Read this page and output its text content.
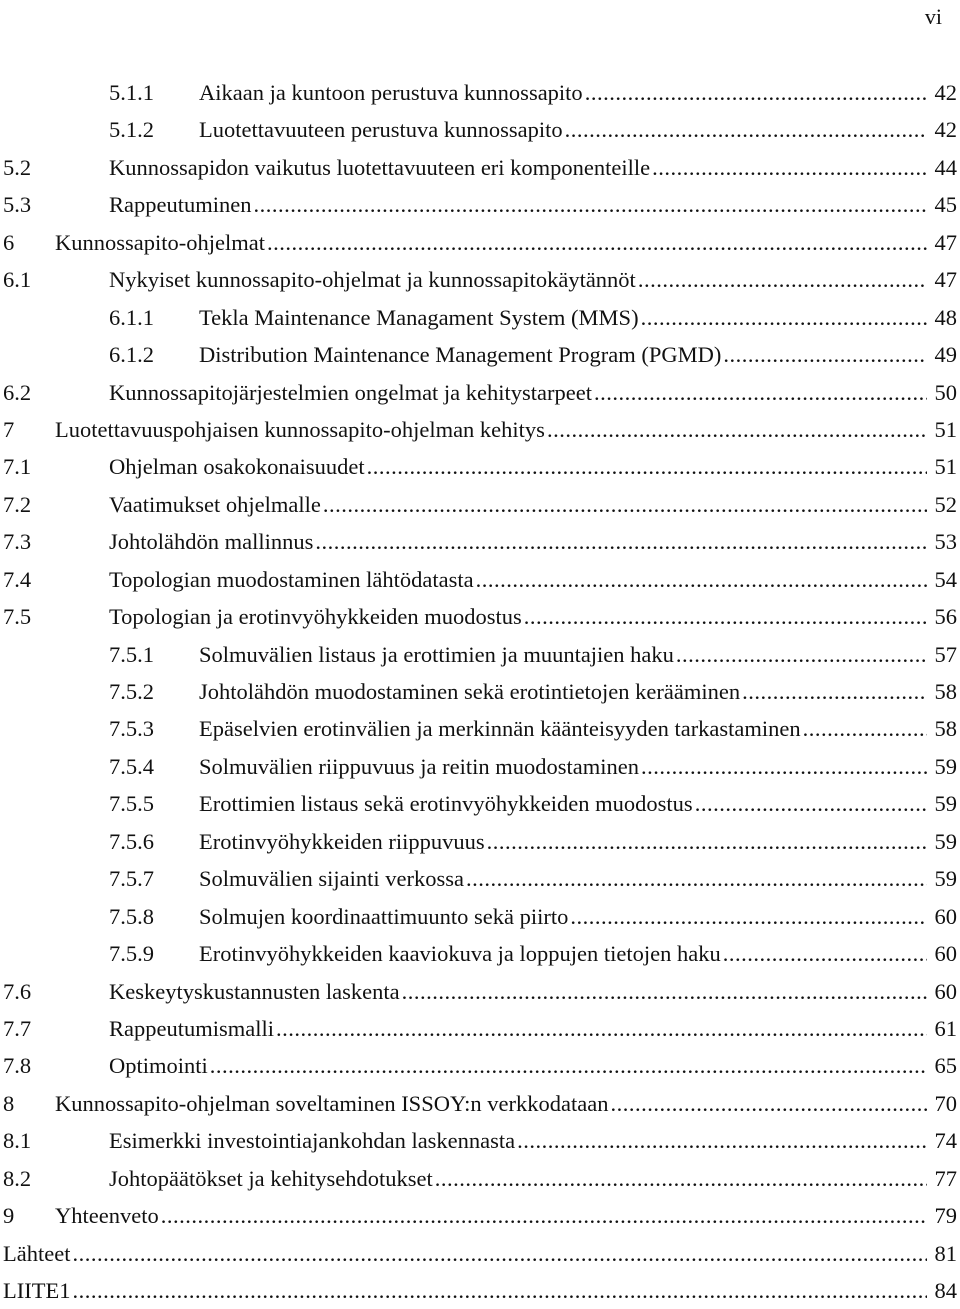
vi
5.1.1 Aikaan ja kuntoon perustuva kunnossapito .....	42
5.1.2 Luotettavuuteen perustuva kunnossapito .....	42
5.2	Kunnossapidon vaikutus luotettavuuteen eri komponenteille .....	44
5.3	Rappeutuminen .....	45
6 Kunnossapito-ohjelmat .....	47
6.1	Nykyiset kunnossapito-ohjelmat ja kunnossapitokäytännöt .....	47
6.1.1 Tekla Maintenance Managament System (MMS) .....	48
6.1.2 Distribution Maintenance Management Program (PGMD) .....	49
6.2	Kunnossapitojärjestelmien ongelmat ja kehitystarpeet .....	50
7 Luotettavuuspohjaisen kunnossapito-ohjelman kehitys .....	51
7.1	Ohjelman osakokonaisuudet .....	51
7.2	Vaatimukset ohjelmalle .....	52
7.3	Johtolähdön mallinnus .....	53
7.4	Topologian muodostaminen lähtödatasta .....	54
7.5	Topologian ja erotinvyöhykkeiden muodostus .....	56
7.5.1 Solmuvälien listaus ja erottimien ja muuntajien haku .....	57
7.5.2 Johtolähdön muodostaminen sekä erotintietojen kerääminen .....	58
7.5.3 Epäselvien erotinvälien ja merkinnän käänteisyyden tarkastaminen .....	58
7.5.4 Solmuvälien riippuvuus ja reitin muodostaminen .....	59
7.5.5 Erottimien listaus sekä erotinvyöhykkeiden muodostus .....	59
7.5.6 Erotinvyöhykkeiden riippuvuus .....	59
7.5.7 Solmuvälien sijainti verkossa .....	59
7.5.8 Solmujen koordinaattimuunto sekä piirto .....	60
7.5.9 Erotinvyöhykkeiden kaaviokuva ja loppujen tietojen haku .....	60
7.6	Keskeytyskustannusten laskenta .....	60
7.7	Rappeutumismalli .....	61
7.8	Optimointi .....	65
8 Kunnossapito-ohjelman soveltaminen ISSOY:n verkkodataan .....	70
8.1	Esimerkki investointiajankohdan laskennasta .....	74
8.2	Johtopäätökset ja kehitysehdotukset .....	77
9 Yhteenveto .....	79
Lähteet .....	81
LIITE1 .....	84
